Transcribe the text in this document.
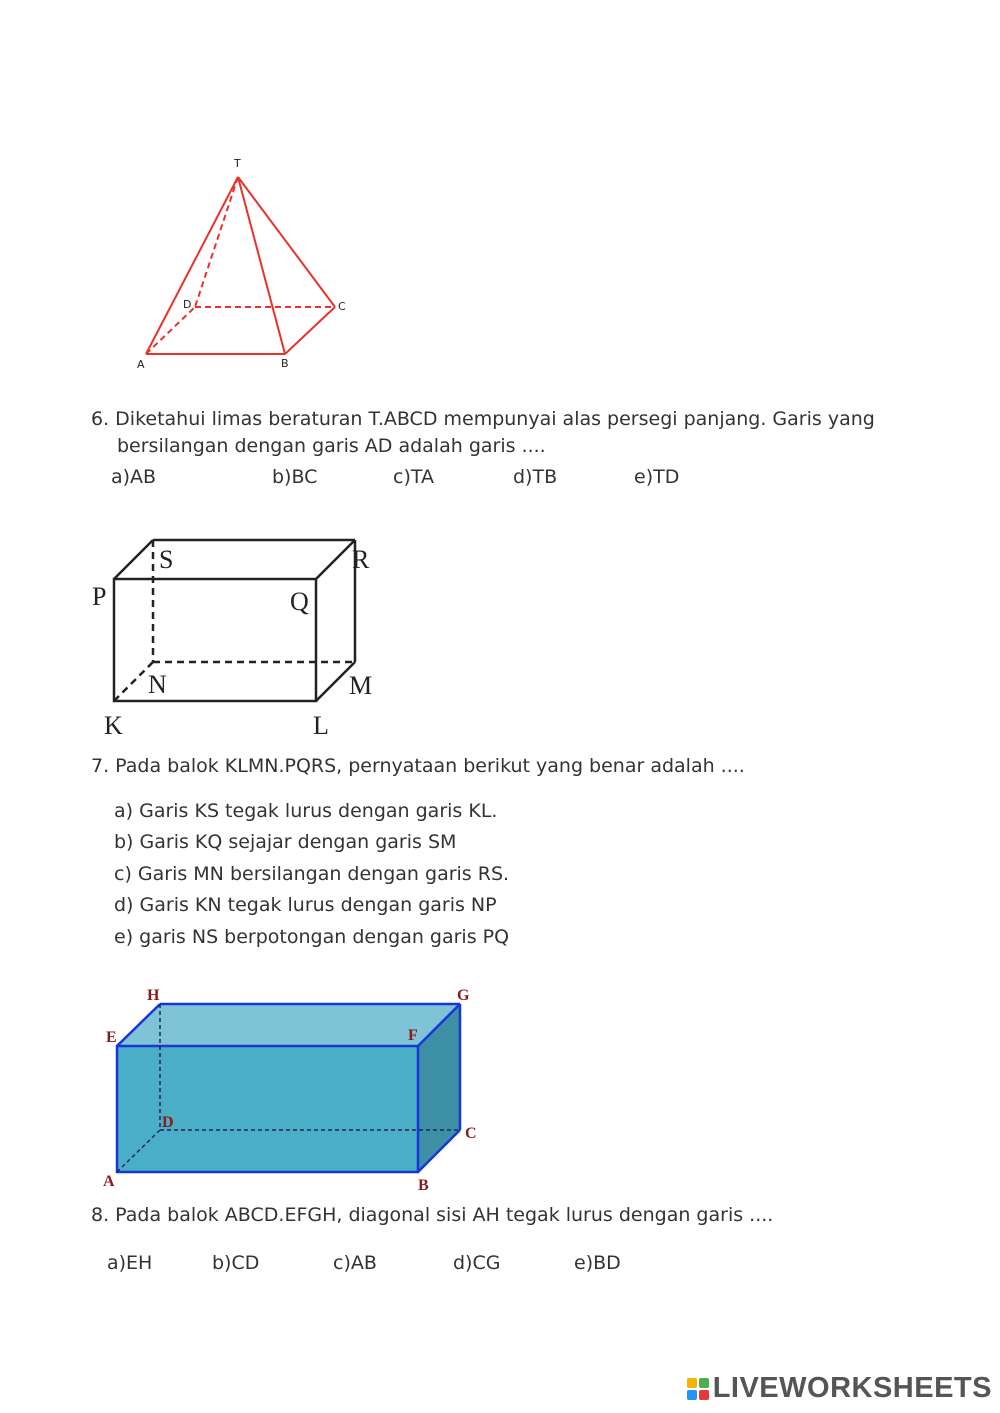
T
D	C
A	B
6. Diketahui limas beraturan T.ABCD mempunyai alas persegi panjang. Garis yang
bersilangan dengan garis AD adalah garis ....
a)AB	b)BC	c)TA	d)TB	e)TD
S	R
P	Q
N	M
K	L
7. Pada balok KLMN.PQRS, pernyataan berikut yang benar adalah ....
a) Garis KS tegak lurus dengan garis KL.
b) Garis KQ sejajar dengan garis SM
c) Garis MN bersilangan dengan garis RS.
d) Garis KN tegak lurus dengan garis NP
e) garis NS berpotongan dengan garis PQ
H	G
E	F
D
C
A	B
8. Pada balok ABCD.EFGH, diagonal sisi AH tegak lurus dengan garis ....
a)EH	b)CD	c)AB	d)CG	e)BD
LIVEWORKSHEETS
